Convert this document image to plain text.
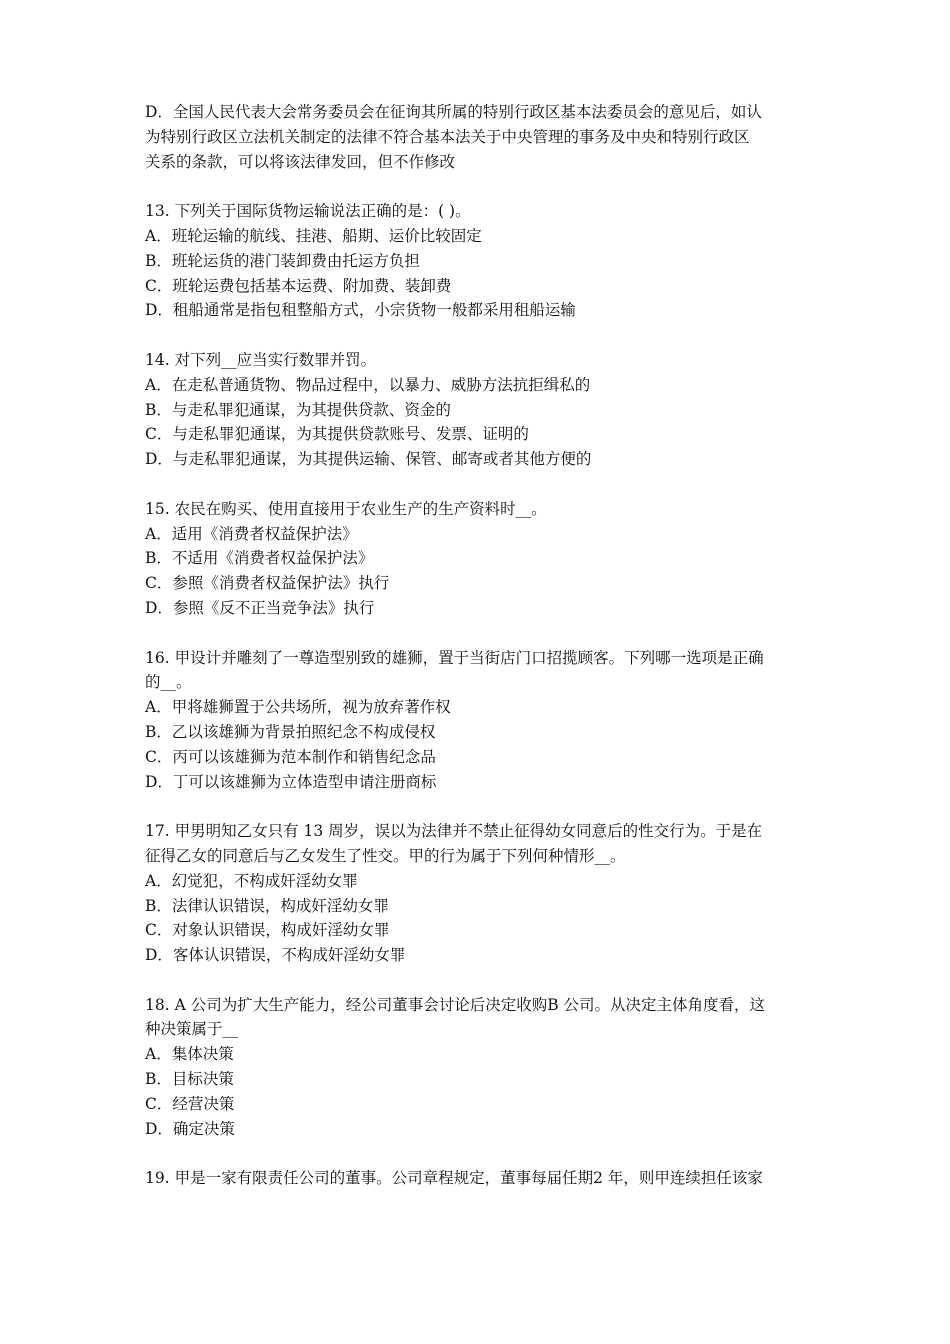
D．全国人民代表大会常务委员会在征询其所属的特别行政区基本法委员会的意见后，如认
为特别行政区立法机关制定的法律不符合基本法关于中央管理的事务及中央和特别行政区
关系的条款，可以将该法律发回，但不作修改
13. 下列关于国际货物运输说法正确的是：( )。
A．班轮运输的航线、挂港、船期、运价比较固定
B．班轮运货的港门装卸费由托运方负担
C．班轮运费包括基本运费、附加费、装卸费
D．租船通常是指包租整船方式，小宗货物一般都采用租船运输
14. 对下列__应当实行数罪并罚。
A．在走私普通货物、物品过程中，以暴力、威胁方法抗拒缉私的
B．与走私罪犯通谋，为其提供贷款、资金的
C．与走私罪犯通谋，为其提供贷款账号、发票、证明的
D．与走私罪犯通谋，为其提供运输、保管、邮寄或者其他方便的
15. 农民在购买、使用直接用于农业生产的生产资料时__。
A．适用《消费者权益保护法》
B．不适用《消费者权益保护法》
C．参照《消费者权益保护法》执行
D．参照《反不正当竞争法》执行
16. 甲设计并雕刻了一尊造型别致的雄狮，置于当街店门口招揽顾客。下列哪一选项是正确
的__。
A．甲将雄狮置于公共场所，视为放弃著作权
B．乙以该雄狮为背景拍照纪念不构成侵权
C．丙可以该雄狮为范本制作和销售纪念品
D．丁可以该雄狮为立体造型申请注册商标
17. 甲男明知乙女只有 13 周岁，误以为法律并不禁止征得幼女同意后的性交行为。于是在
征得乙女的同意后与乙女发生了性交。甲的行为属于下列何种情形__。
A．幻觉犯，不构成奸淫幼女罪
B．法律认识错误，构成奸淫幼女罪
C．对象认识错误，构成奸淫幼女罪
D．客体认识错误，不构成奸淫幼女罪
18. A 公司为扩大生产能力，经公司董事会讨论后决定收购B 公司。从决定主体角度看，这
种决策属于__
A．集体决策
B．目标决策
C．经营决策
D．确定决策
19. 甲是一家有限责任公司的董事。公司章程规定，董事每届任期2 年，则甲连续担任该家
